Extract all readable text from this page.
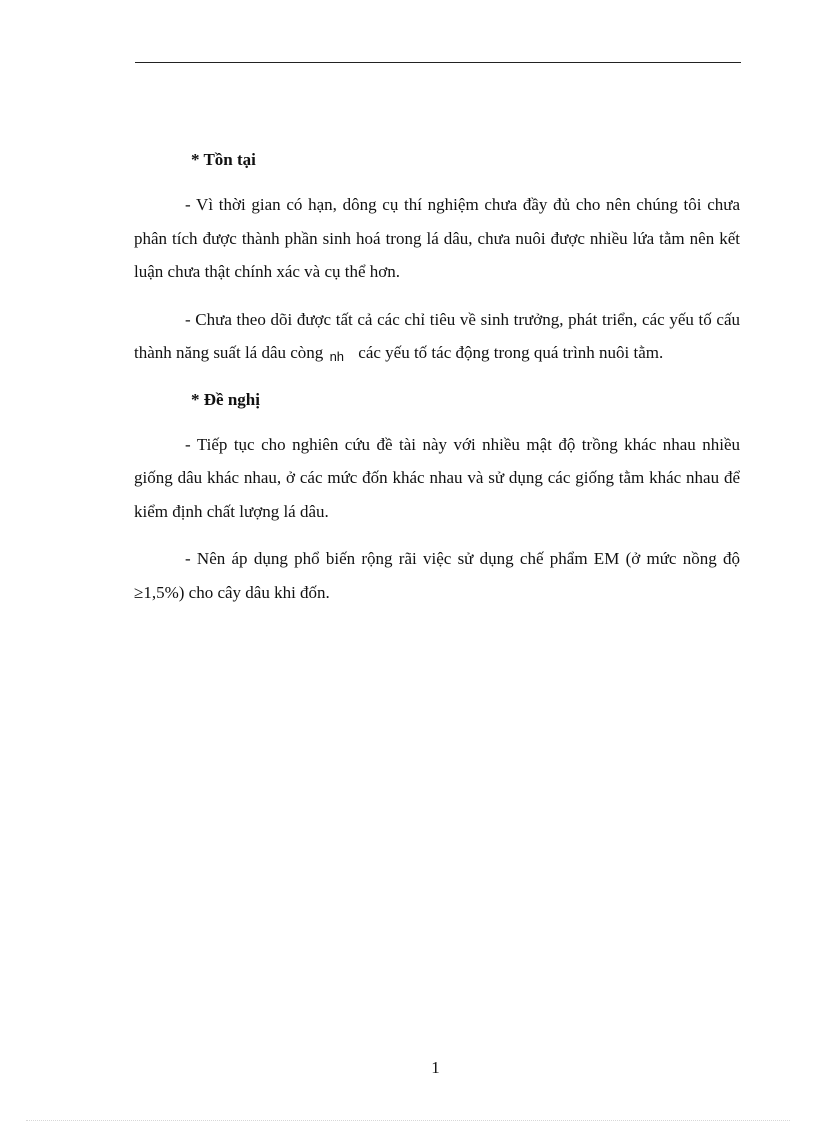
* Tồn tại

- Vì thời gian có hạn, dông cụ thí nghiệm chưa đầy đủ cho nên chúng tôi chưa phân tích được thành phần sinh hoá trong lá dâu, chưa nuôi được nhiều lứa tằm nên kết luận chưa thật chính xác và cụ thể hơn.

- Chưa theo dõi được tất cả các chỉ tiêu về sinh trưởng, phát triển, các yếu tố cấu thành năng suất lá dâu còng nh các yếu tố tác động trong quá trình nuôi tằm.

* Đề nghị

- Tiếp tục cho nghiên cứu đề tài này với nhiều mật độ trồng khác nhau nhiều giống dâu khác nhau, ở các mức đốn khác nhau và sử dụng các giống tằm khác nhau để kiểm định chất lượng lá dâu.

- Nên áp dụng phổ biến rộng rãi việc sử dụng chế phẩm EM (ở mức nồng độ ≥1,5%) cho cây dâu khi đốn.

1
